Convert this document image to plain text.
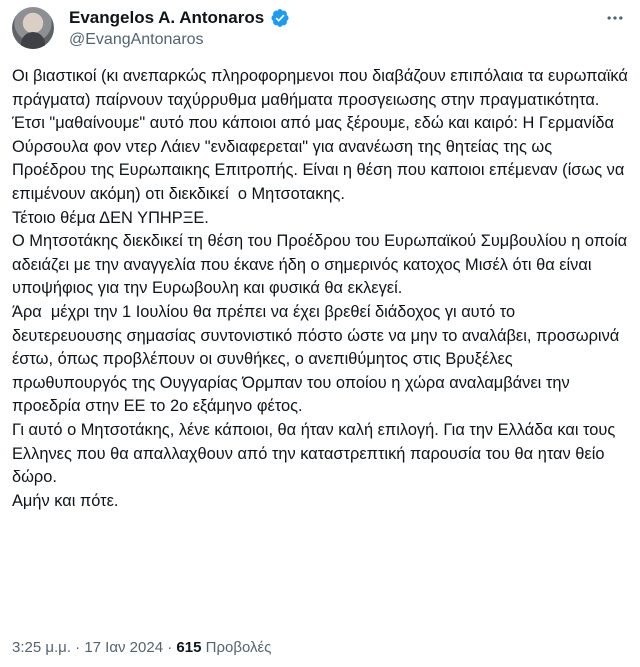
Evangelos A. Antonaros
@EvangAntonaros

Οι βιαστικοί (κι ανεπαρκώς πληροφορημενοι που διαβάζουν επιπόλαια τα ευρωπαϊκά πράγματα) παίρνουν ταχύρρυθμα μαθήματα προσγειωσης στην πραγματικότητα.  Έτσι "μαθαίνουμε" αυτό που κάποιοι από μας ξέρουμε, εδώ και καιρό: Η Γερμανίδα Ούρσουλα φον ντερ Λάιεν "ενδιαφερεται" για ανανέωση της θητείας της ως Προέδρου της Ευρωπαικης Επιτροπής. Είναι η θέση που καποιοι επέμεναν (ίσως να επιμένουν ακόμη) οτι διεκδικεί  ο Μητσοτακης.

Τέτοιο θέμα ΔΕΝ ΥΠΗΡΞΕ.

Ο Μητσοτάκης διεκδικεί τη θέση του Προέδρου του Ευρωπαϊκού Συμβουλίου η οποία αδειάζει με την αναγγελία που έκανε ήδη ο σημερινός κατοχος Μισέλ ότι θα είναι υποψήφιος για την Ευρωβουλη και φυσικά θα εκλεγεί.

Άρα  μέχρι την 1 Ιουλίου θα πρέπει να έχει βρεθεί διάδοχος γι αυτό το δευτερευουσης σημασίας συντονιστικό πόστο ώστε να μην το αναλάβει, προσωρινά έστω, όπως προβλέπουν οι συνθήκες, ο ανεπιθύμητος στις Βρυξέλες πρωθυπουργός της Ουγγαρίας Όρμπαν του οποίου η χώρα αναλαμβάνει την προεδρία στην ΕΕ το 2ο εξάμηνο φέτος.

Γι αυτό ο Μητσοτάκης, λένε κάποιοι, θα ήταν καλή επιλογή. Για την Ελλάδα και τους Ελληνες που θα απαλλαχθουν από την καταστρεπτική παρουσία του θα ηταν θείο δώρο.

Αμήν και πότε.

3:25 μ.μ. · 17 Ιαν 2024 · 615 Προβολές
